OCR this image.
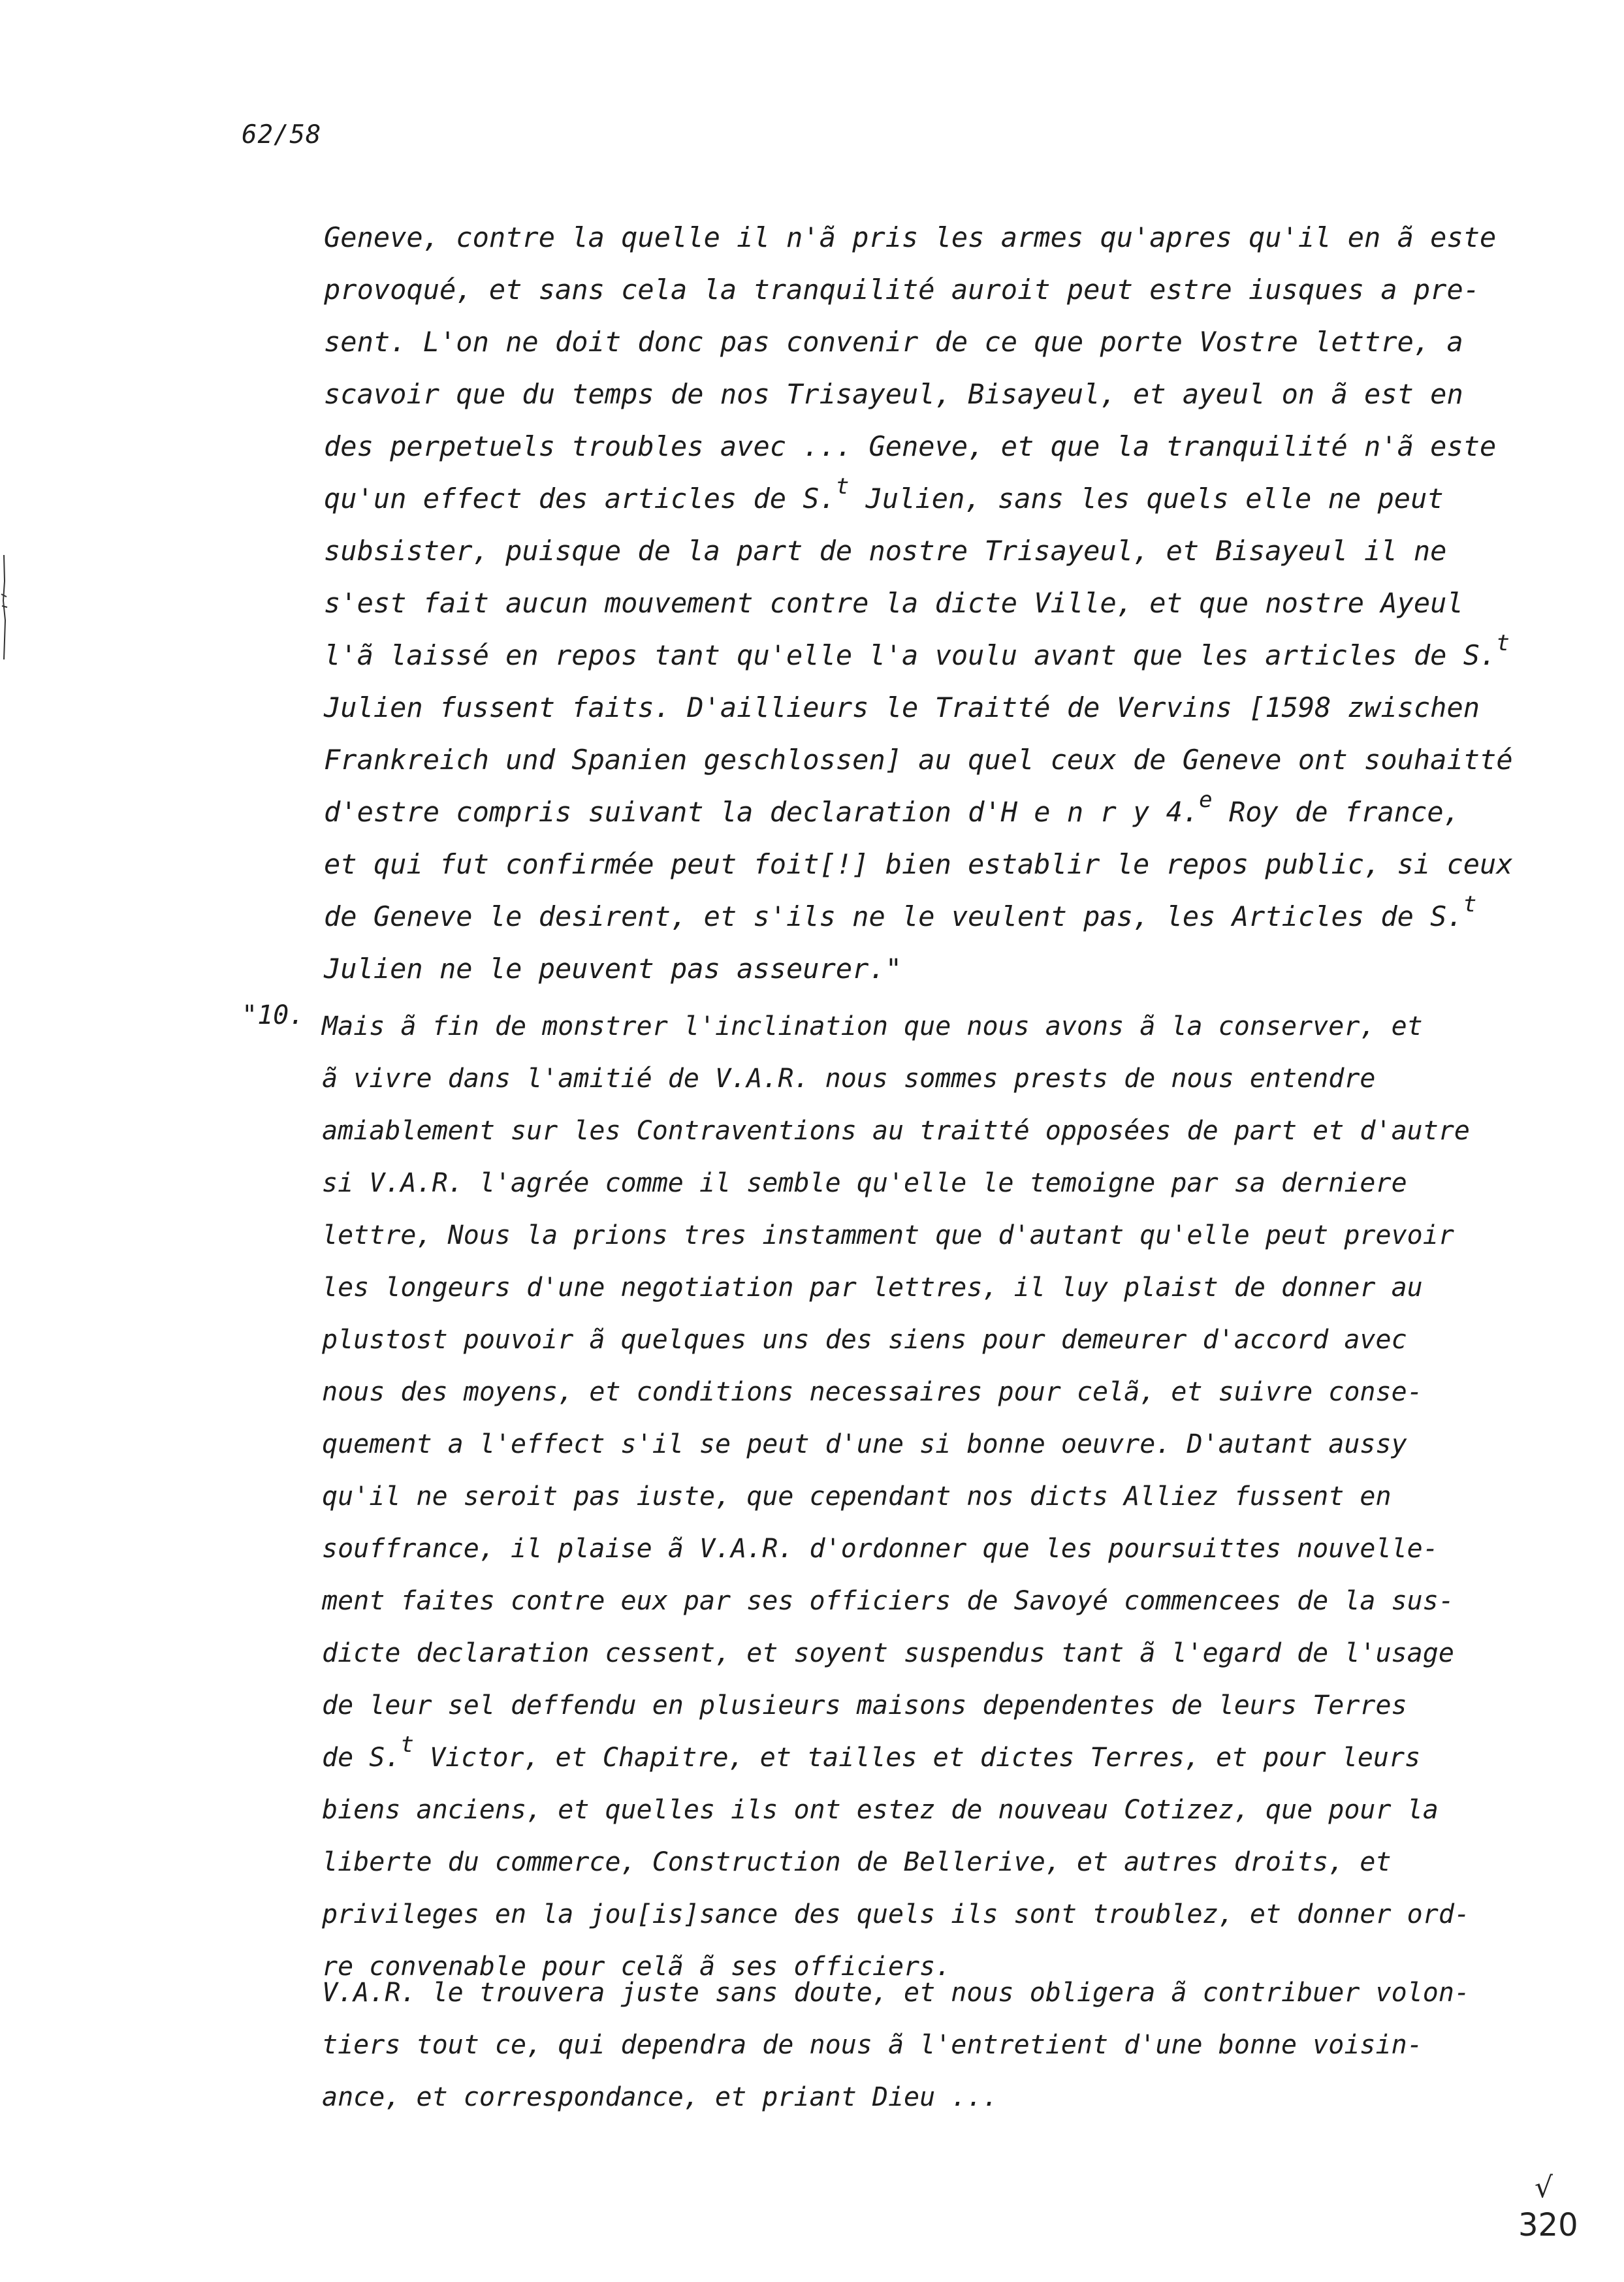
62/58
Geneve, contre la quelle il n'ã pris les armes qu'apres qu'il en ã este
provoqué, et sans cela la tranquilité auroit peut estre iusques a pre-
sent. L'on ne doit donc pas convenir de ce que porte Vostre lettre, a
scavoir que du temps de nos Trisayeul, Bisayeul, et ayeul on ã est en
des perpetuels troubles avec ... Geneve, et que la tranquilité n'ã este
qu'un effect des articles de S.$^t$ Julien, sans les quels elle ne peut
subsister, puisque de la part de nostre Trisayeul, et Bisayeul il ne
s'est fait aucun mouvement contre la dicte Ville, et que nostre Ayeul
l'ã laissé en repos tant qu'elle l'a voulu avant que les articles de S.$^t$
Julien fussent faits. D'aillieurs le Traitté de Vervins [1598 zwischen
Frankreich und Spanien geschlossen] au quel ceux de Geneve ont souhaitté
d'estre compris suivant la declaration d'H e n r y 4.$^e$ Roy de france,
et qui fut confirmée peut foit[!] bien establir le repos public, si ceux
de Geneve le desirent, et s'ils ne le veulent pas, les Articles de S.$^t$
Julien ne le peuvent pas asseurer."
"10. Mais ã fin de monstrer l'inclination que nous avons ã la conserver, et
ã vivre dans l'amitié de V.A.R. nous sommes prests de nous entendre
amiablement sur les Contraventions au traitté opposées de part et d'autre
si V.A.R. l'agrée comme il semble qu'elle le temoigne par sa derniere
lettre, Nous la prions tres instamment que d'autant qu'elle peut prevoir
les longeurs d'une negotiation par lettres, il luy plaist de donner au
plustost pouvoir ã quelques uns des siens pour demeurer d'accord avec
nous des moyens, et conditions necessaires pour celã, et suivre conse-
quement a l'effect s'il se peut d'une si bonne oeuvre. D'autant aussy
qu'il ne seroit pas iuste, que cependant nos dicts Alliez fussent en
souffrance, il plaise ã V.A.R. d'ordonner que les poursuittes nouvelle-
ment faites contre eux par ses officiers de Savoyé commencees de la sus-
dicte declaration cessent, et soyent suspendus tant ã l'egard de l'usage
de leur sel deffendu en plusieurs maisons dependentes de leurs Terres
de S.$^t$ Victor, et Chapitre, et tailles et dictes Terres, et pour leurs
biens anciens, et quelles ils ont estez de nouveau Cotizez, que pour la
liberte du commerce, Construction de Bellerive, et autres droits, et
privileges en la jou[is]sance des quels ils sont troublez, et donner ord-
re convenable pour celã ã ses officiers.
V.A.R. le trouvera juste sans doute, et nous obligera ã contribuer volon-
tiers tout ce, qui dependra de nous ã l'entretient d'une bonne voisin-
ance, et correspondance, et priant Dieu ...
√
320
